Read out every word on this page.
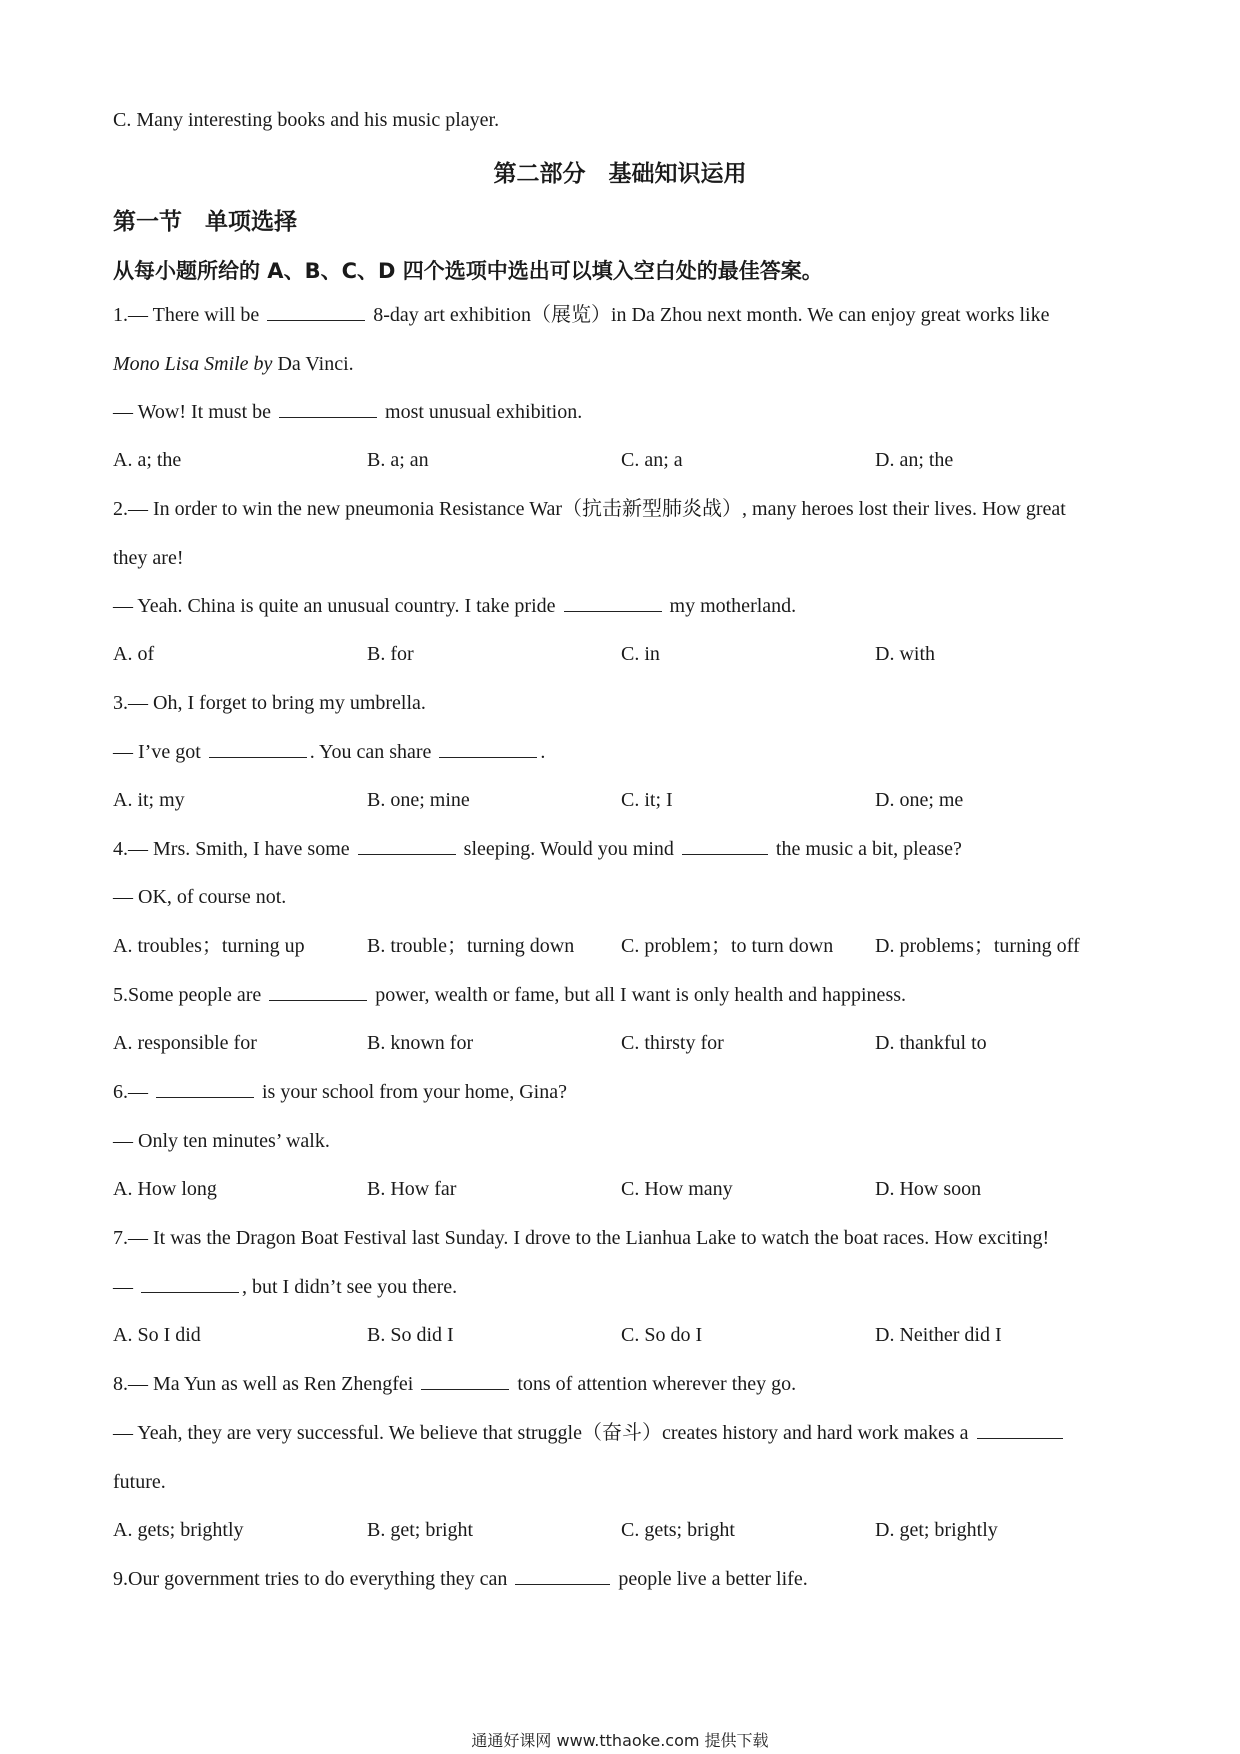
C. Many interesting books and his music player.
第二部分　基础知识运用
第一节　单项选择
从每小题所给的 A、B、C、D 四个选项中选出可以填入空白处的最佳答案。
1.— There will be	8-day art exhibition（展览）in Da Zhou next month. We can enjoy great works like
Mono Lisa Smile by Da Vinci.
— Wow! It must be	most unusual exhibition.
A. a; the	B. a; an	C. an; a	D. an; the
2.— In order to win the new pneumonia Resistance War（抗击新型肺炎战）, many heroes lost their lives. How great
they are!
— Yeah. China is quite an unusual country. I take pride	my motherland.
A. of	B. for	C. in	D. with
3.— Oh, I forget to bring my umbrella.
— I’ve got	. You can share	.
A. it; my	B. one; mine	C. it; I	D. one; me
4.— Mrs. Smith, I have some	sleeping. Would you mind	the music a bit, please?
— OK, of course not.
A. troubles；turning up	B. trouble；turning down C. problem；to turn down D. problems；turning off
5.Some people are	power, wealth or fame, but all I want is only health and happiness.
A. responsible for	B. known for	C. thirsty for	D. thankful to
6.—	is your school from your home, Gina?
— Only ten minutes’ walk.
A. How long	B. How far	C. How many	D. How soon
7.— It was the Dragon Boat Festival last Sunday. I drove to the Lianhua Lake to watch the boat races. How exciting!
—	, but I didn’t see you there.
A. So I did	B. So did I	C. So do I	D. Neither did I
8.— Ma Yun as well as Ren Zhengfei	tons of attention wherever they go.
— Yeah, they are very successful. We believe that struggle（奋斗）creates history and hard work makes a
future.
A. gets; brightly	B. get; bright	C. gets; bright	D. get; brightly
9.Our government tries to do everything they can	people live a better life.
通通好课网 www.tthaoke.com 提供下载
